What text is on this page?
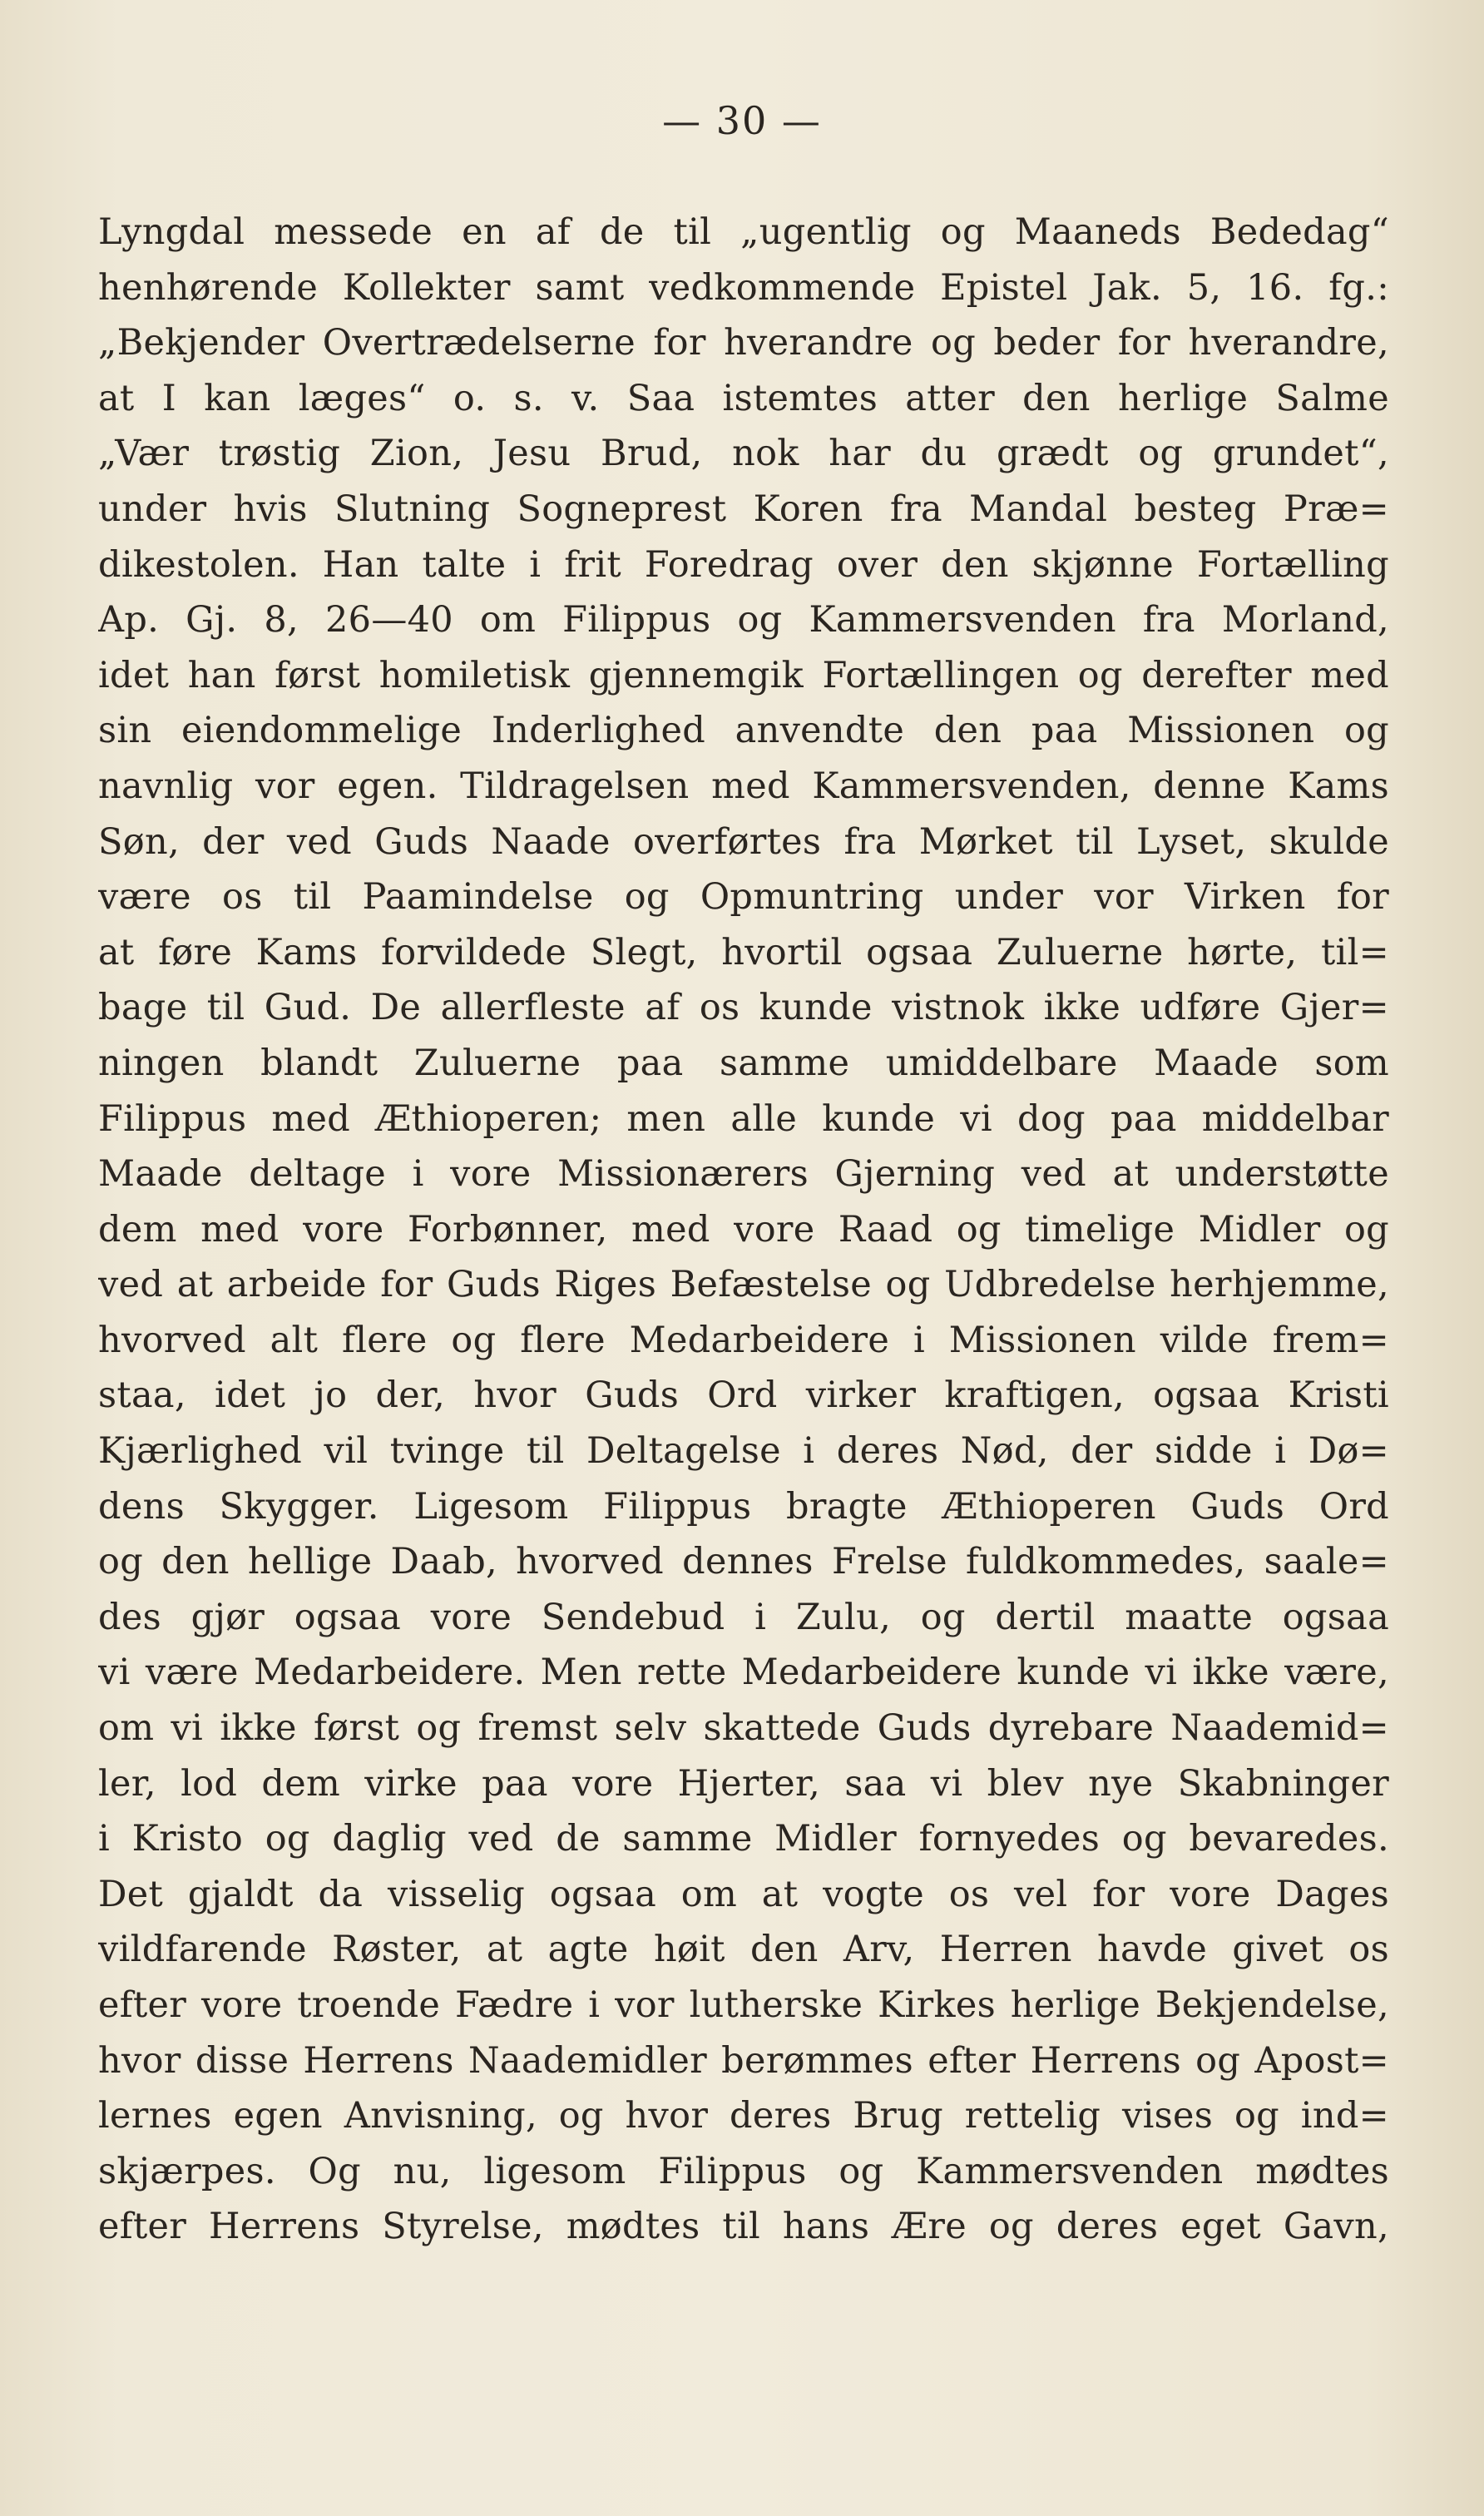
— 30 —
Lyngdal messede en af de til „ugentlig og Maaneds Bededag“
henhørende Kollekter samt vedkommende Epistel Jak. 5, 16. fg.:
„Bekjender Overtrædelserne for hverandre og beder for hverandre,
at I kan læges“ o. s. v. Saa istemtes atter den herlige Salme
„Vær trøstig Zion, Jesu Brud, nok har du grædt og grundet“,
under hvis Slutning Sogneprest Koren fra Mandal besteg Præ=
dikestolen. Han talte i frit Foredrag over den skjønne Fortælling
Ap. Gj. 8, 26—40 om Filippus og Kammersvenden fra Morland,
idet han først homiletisk gjennemgik Fortællingen og derefter med
sin eiendommelige Inderlighed anvendte den paa Missionen og
navnlig vor egen. Tildragelsen med Kammersvenden, denne Kams
Søn, der ved Guds Naade overførtes fra Mørket til Lyset, skulde
være os til Paamindelse og Opmuntring under vor Virken for
at føre Kams forvildede Slegt, hvortil ogsaa Zuluerne hørte, til=
bage til Gud. De allerfleste af os kunde vistnok ikke udføre Gjer=
ningen blandt Zuluerne paa samme umiddelbare Maade som
Filippus med Æthioperen; men alle kunde vi dog paa middelbar
Maade deltage i vore Missionærers Gjerning ved at understøtte
dem med vore Forbønner, med vore Raad og timelige Midler og
ved at arbeide for Guds Riges Befæstelse og Udbredelse herhjemme,
hvorved alt flere og flere Medarbeidere i Missionen vilde frem=
staa, idet jo der, hvor Guds Ord virker kraftigen, ogsaa Kristi
Kjærlighed vil tvinge til Deltagelse i deres Nød, der sidde i Dø=
dens Skygger. Ligesom Filippus bragte Æthioperen Guds Ord
og den hellige Daab, hvorved dennes Frelse fuldkommedes, saale=
des gjør ogsaa vore Sendebud i Zulu, og dertil maatte ogsaa
vi være Medarbeidere. Men rette Medarbeidere kunde vi ikke være,
om vi ikke først og fremst selv skattede Guds dyrebare Naademid=
ler, lod dem virke paa vore Hjerter, saa vi blev nye Skabninger
i Kristo og daglig ved de samme Midler fornyedes og bevaredes.
Det gjaldt da visselig ogsaa om at vogte os vel for vore Dages
vildfarende Røster, at agte høit den Arv, Herren havde givet os
efter vore troende Fædre i vor lutherske Kirkes herlige Bekjendelse,
hvor disse Herrens Naademidler berømmes efter Herrens og Apost=
lernes egen Anvisning, og hvor deres Brug rettelig vises og ind=
skjærpes. Og nu, ligesom Filippus og Kammersvenden mødtes
efter Herrens Styrelse, mødtes til hans Ære og deres eget Gavn,
